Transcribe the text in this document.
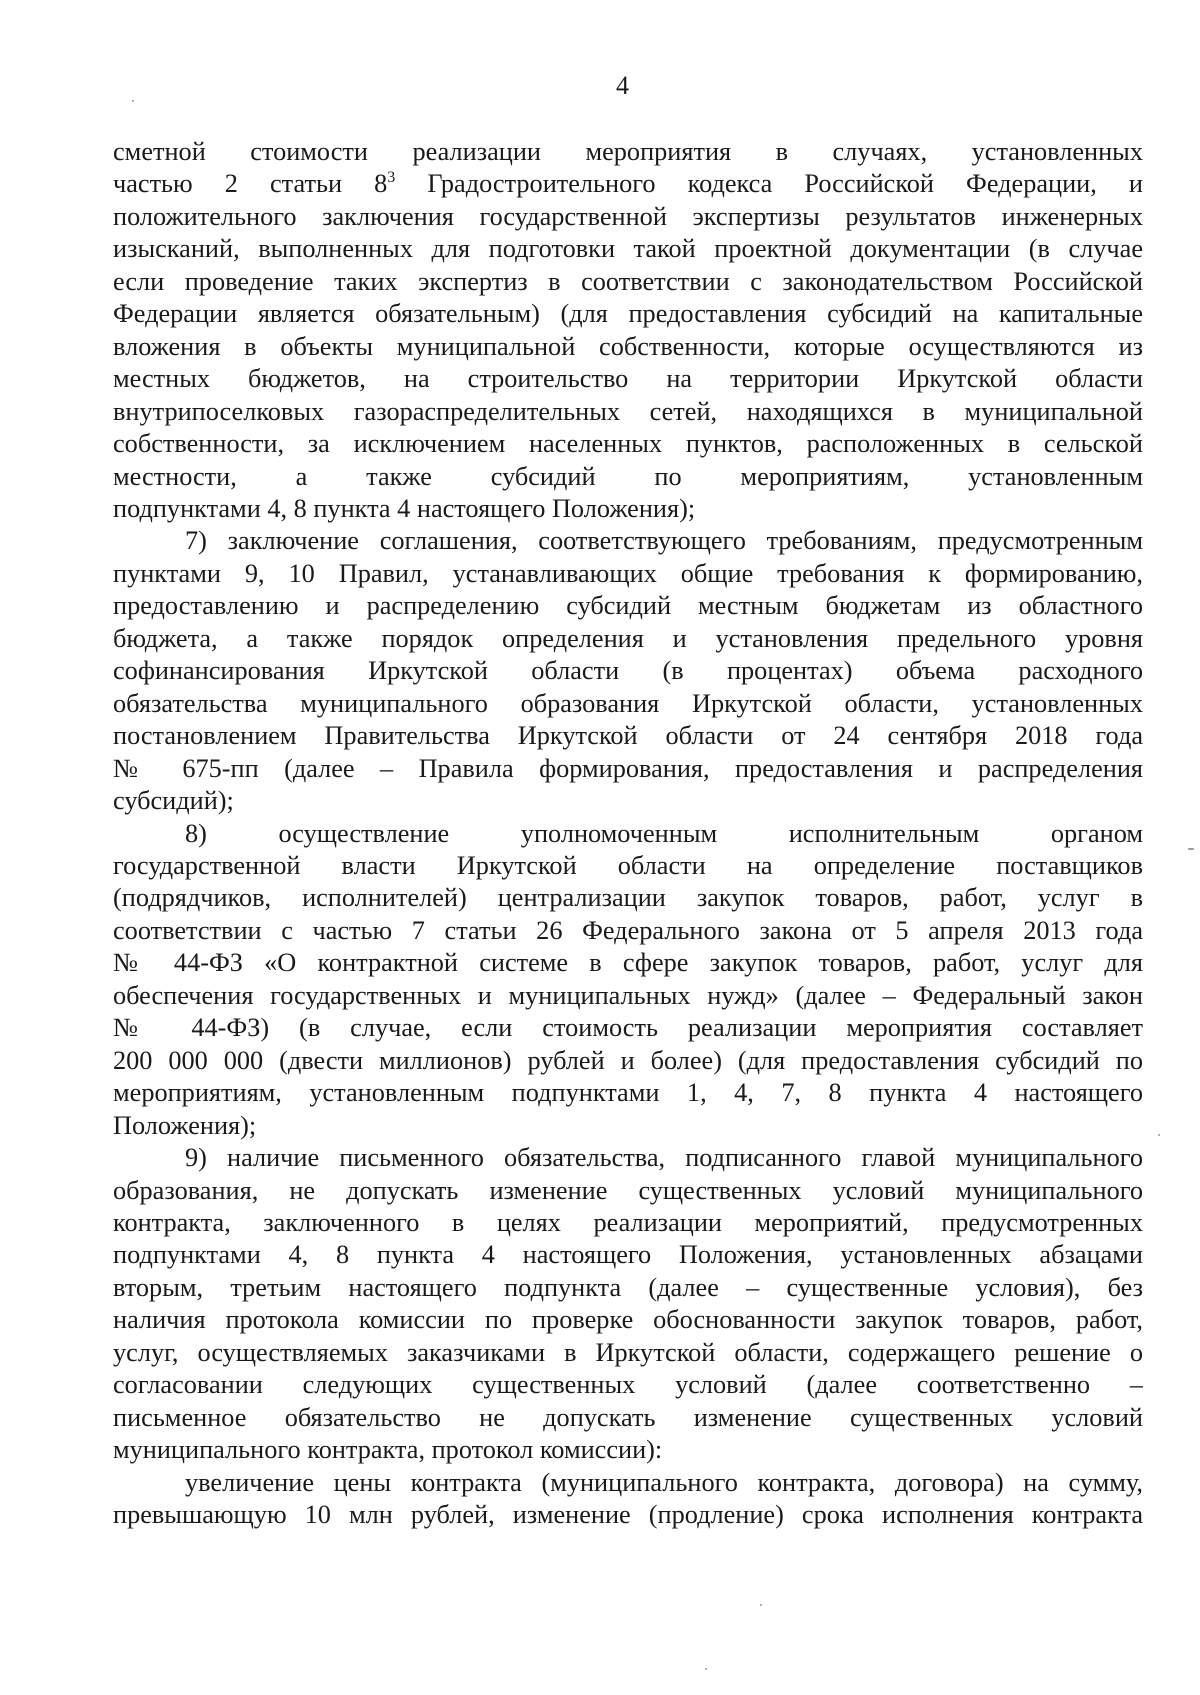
4
сметной стоимости реализации мероприятия в случаях, установленных
частью 2 статьи $8^3$ Градостроительного кодекса Российской Федерации, и
положительного заключения государственной экспертизы результатов инженерных
изысканий, выполненных для подготовки такой проектной документации (в случае
если проведение таких экспертиз в соответствии с законодательством Российской
Федерации является обязательным) (для предоставления субсидий на капитальные
вложения в объекты муниципальной собственности, которые осуществляются из
местных бюджетов, на строительство на территории Иркутской области
внутрипоселковых газораспределительных сетей, находящихся в муниципальной
собственности, за исключением населенных пунктов, расположенных в сельской
местности, а также субсидий по мероприятиям, установленным
подпунктами 4, 8 пункта 4 настоящего Положения);
7) заключение соглашения, соответствующего требованиям, предусмотренным
пунктами 9, 10 Правил, устанавливающих общие требования к формированию,
предоставлению и распределению субсидий местным бюджетам из областного
бюджета, а также порядок определения и установления предельного уровня
софинансирования Иркутской области (в процентах) объема расходного
обязательства муниципального образования Иркутской области, установленных
постановлением Правительства Иркутской области от 24 сентября 2018 года
№ 675-пп (далее – Правила формирования, предоставления и распределения
субсидий);
8) осуществление уполномоченным исполнительным органом
государственной власти Иркутской области на определение поставщиков
(подрядчиков, исполнителей) централизации закупок товаров, работ, услуг в
соответствии с частью 7 статьи 26 Федерального закона от 5 апреля 2013 года
№ 44-ФЗ «О контрактной системе в сфере закупок товаров, работ, услуг для
обеспечения государственных и муниципальных нужд» (далее – Федеральный закон
№ 44-ФЗ) (в случае, если стоимость реализации мероприятия составляет
200 000 000 (двести миллионов) рублей и более) (для предоставления субсидий по
мероприятиям, установленным подпунктами 1, 4, 7, 8 пункта 4 настоящего
Положения);
9) наличие письменного обязательства, подписанного главой муниципального
образования, не допускать изменение существенных условий муниципального
контракта, заключенного в целях реализации мероприятий, предусмотренных
подпунктами 4, 8 пункта 4 настоящего Положения, установленных абзацами
вторым, третьим настоящего подпункта (далее – существенные условия), без
наличия протокола комиссии по проверке обоснованности закупок товаров, работ,
услуг, осуществляемых заказчиками в Иркутской области, содержащего решение о
согласовании следующих существенных условий (далее соответственно –
письменное обязательство не допускать изменение существенных условий
муниципального контракта, протокол комиссии):
увеличение цены контракта (муниципального контракта, договора) на сумму,
превышающую 10 млн рублей, изменение (продление) срока исполнения контракта
